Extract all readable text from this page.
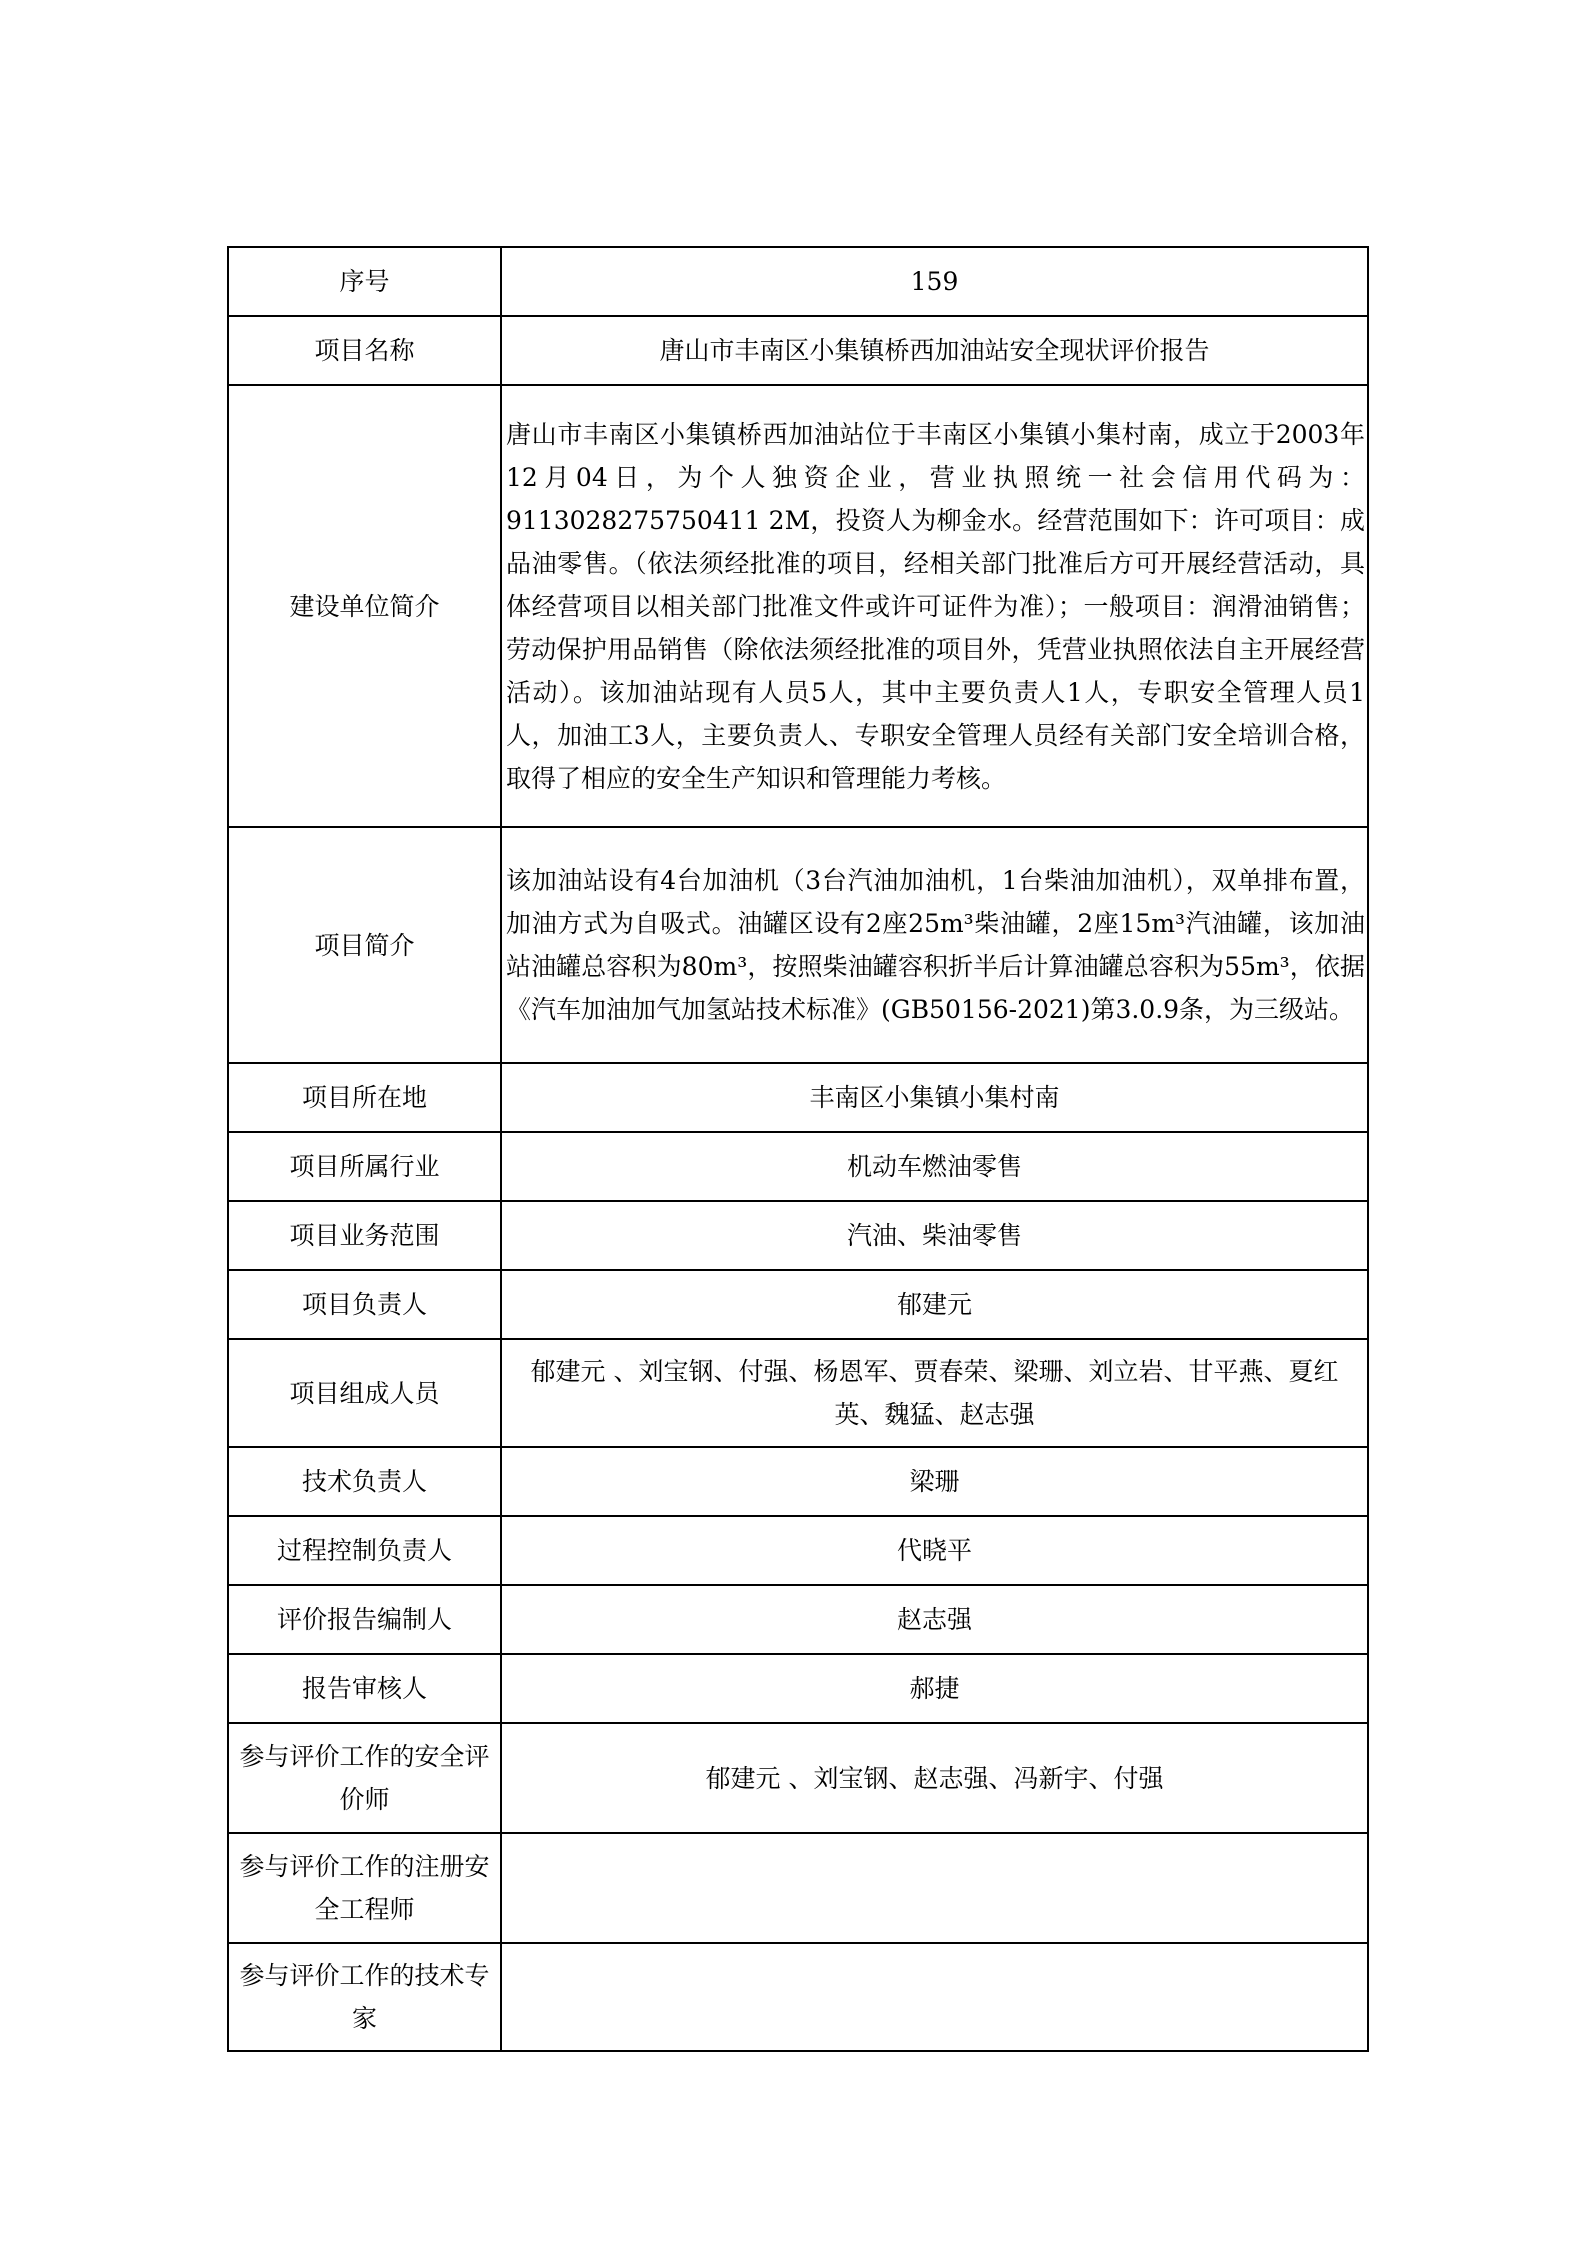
序号	159
项目名称	唐山市丰南区小集镇桥西加油站安全现状评价报告
建设单位简介	唐山市丰南区小集镇桥西加油站位于丰南区小集镇小集村南，成立于2003年12月04日，为个人独资企业，营业执照统一社会信用代码为：9113028275750411 2M，投资人为柳金水。经营范围如下：许可项目：成品油零售。（依法须经批准的项目，经相关部门批准后方可开展经营活动，具体经营项目以相关部门批准文件或许可证件为准）；一般项目：润滑油销售；劳动保护用品销售（除依法须经批准的项目外，凭营业执照依法自主开展经营活动）。该加油站现有人员5人，其中主要负责人1人，专职安全管理人员1人，加油工3人，主要负责人、专职安全管理人员经有关部门安全培训合格，取得了相应的安全生产知识和管理能力考核。
项目简介	该加油站设有4台加油机（3台汽油加油机，1台柴油加油机），双单排布置，加油方式为自吸式。油罐区设有2座25m³柴油罐，2座15m³汽油罐，该加油站油罐总容积为80m³，按照柴油罐容积折半后计算油罐总容积为55m³，依据《汽车加油加气加氢站技术标准》(GB50156-2021)第3.0.9条，为三级站。
项目所在地	丰南区小集镇小集村南
项目所属行业	机动车燃油零售
项目业务范围	汽油、柴油零售
项目负责人	郁建元
项目组成人员	郁建元 、刘宝钢、付强、杨恩军、贾春荣、梁珊、刘立岩、甘平燕、夏红英、魏猛、赵志强
技术负责人	梁珊
过程控制负责人	代晓平
评价报告编制人	赵志强
报告审核人	郝捷
参与评价工作的安全评价师	郁建元 、刘宝钢、赵志强、冯新宇、付强
参与评价工作的注册安全工程师	
参与评价工作的技术专家	
